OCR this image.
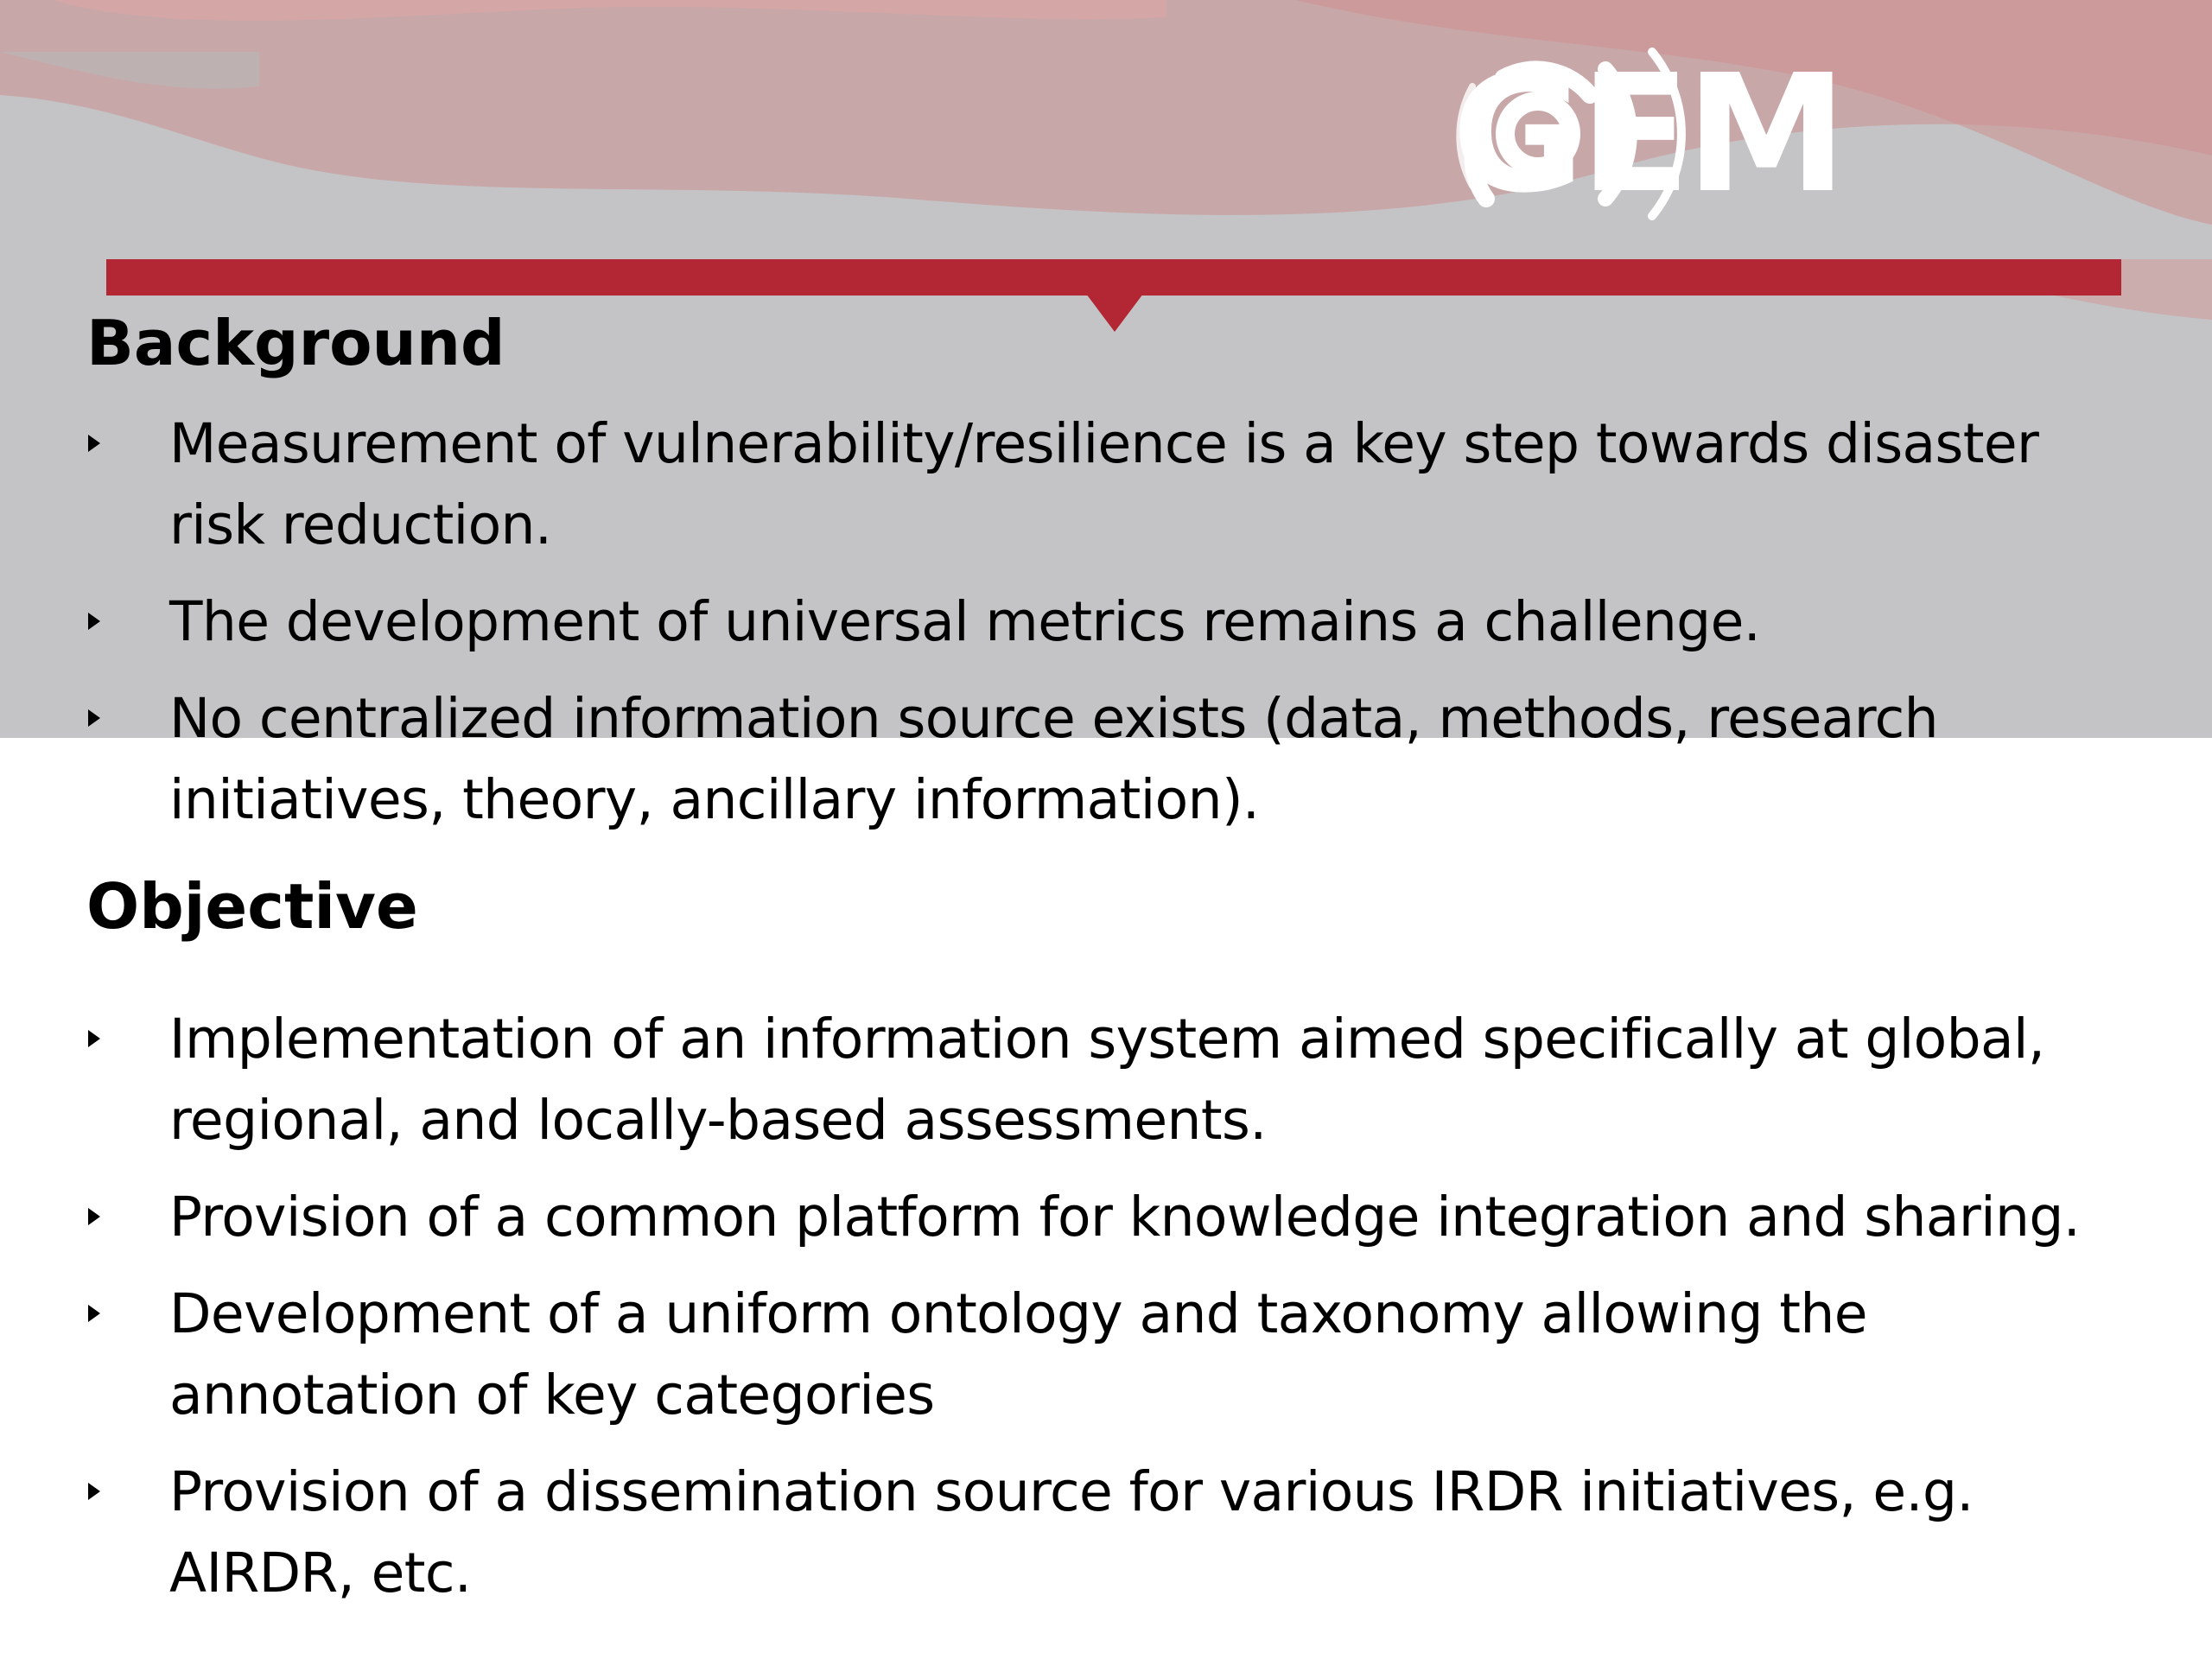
GEM
Background
Measurement of vulnerability/resilience is a key step towards disaster
risk reduction.
The development of universal metrics remains a challenge.
No centralized information source exists (data, methods, research
initiatives, theory, ancillary information).
Objective
Implementation of an information system aimed specifically at global,
regional, and locally-based assessments.
Provision of a common platform for knowledge integration and sharing.
Development of a uniform ontology and taxonomy allowing the
annotation of key categories
Provision of a dissemination source for various IRDR initiatives, e.g.
AIRDR, etc.
